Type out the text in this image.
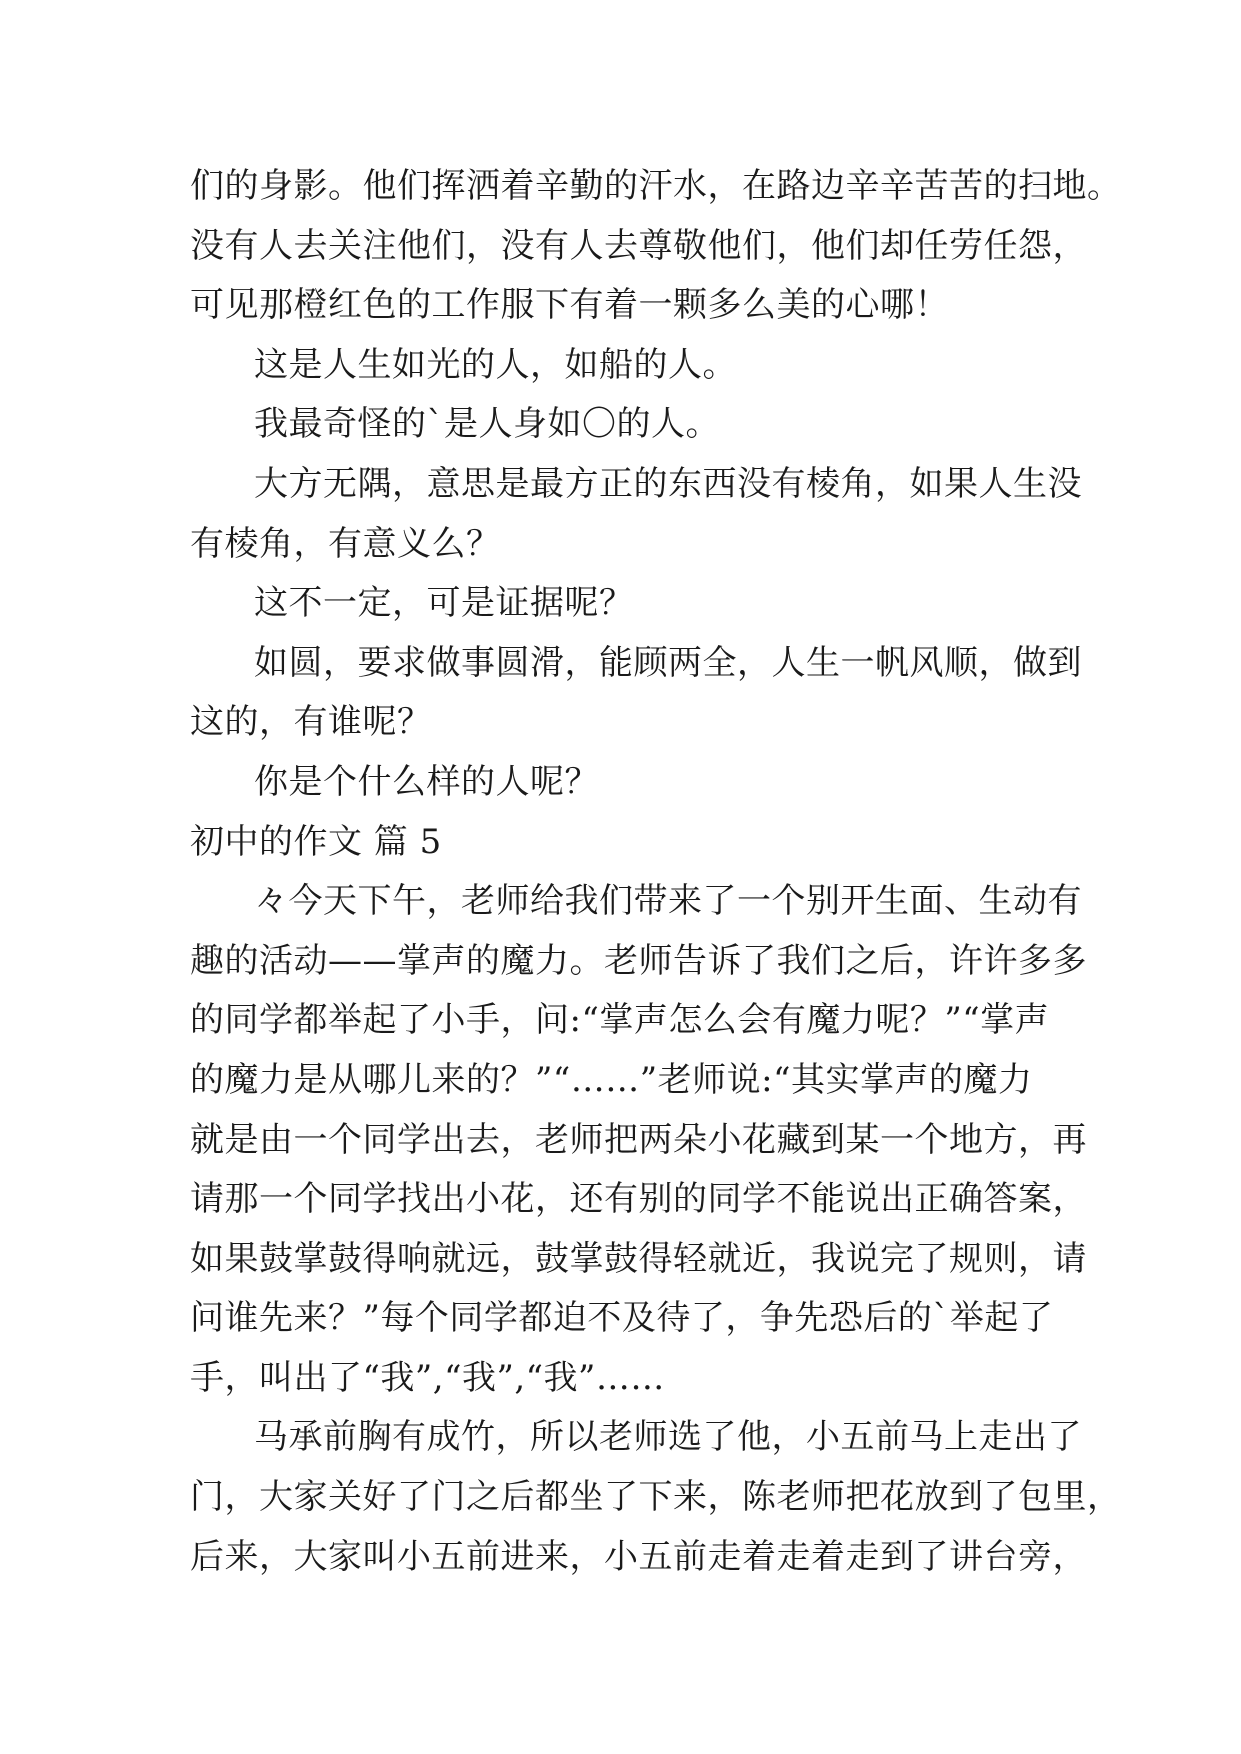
们的身影。他们挥洒着辛勤的汗水，在路边辛辛苦苦的扫地。
没有人去关注他们，没有人去尊敬他们，他们却任劳任怨，
可见那橙红色的工作服下有着一颗多么美的心哪！
这是人生如光的人，如船的人。
我最奇怪的`是人身如〇的人。
大方无隅，意思是最方正的东西没有棱角，如果人生没
有棱角，有意义么？
这不一定，可是证据呢？
如圆，要求做事圆滑，能顾两全，人生一帆风顺，做到
这的，有谁呢？
你是个什么样的人呢？
初中的作文 篇 5
々今天下午，老师给我们带来了一个别开生面、生动有
趣的活动——掌声的魔力。老师告诉了我们之后，许许多多
的同学都举起了小手，问:“掌声怎么会有魔力呢？”“掌声
的魔力是从哪儿来的？”“……”老师说:“其实掌声的魔力
就是由一个同学出去，老师把两朵小花藏到某一个地方，再
请那一个同学找出小花，还有别的同学不能说出正确答案，
如果鼓掌鼓得响就远，鼓掌鼓得轻就近，我说完了规则，请
问谁先来？”每个同学都迫不及待了，争先恐后的`举起了
手，叫出了“我”,“我”,“我”……
马承前胸有成竹，所以老师选了他，小五前马上走出了
门，大家关好了门之后都坐了下来，陈老师把花放到了包里，
后来，大家叫小五前进来，小五前走着走着走到了讲台旁，
